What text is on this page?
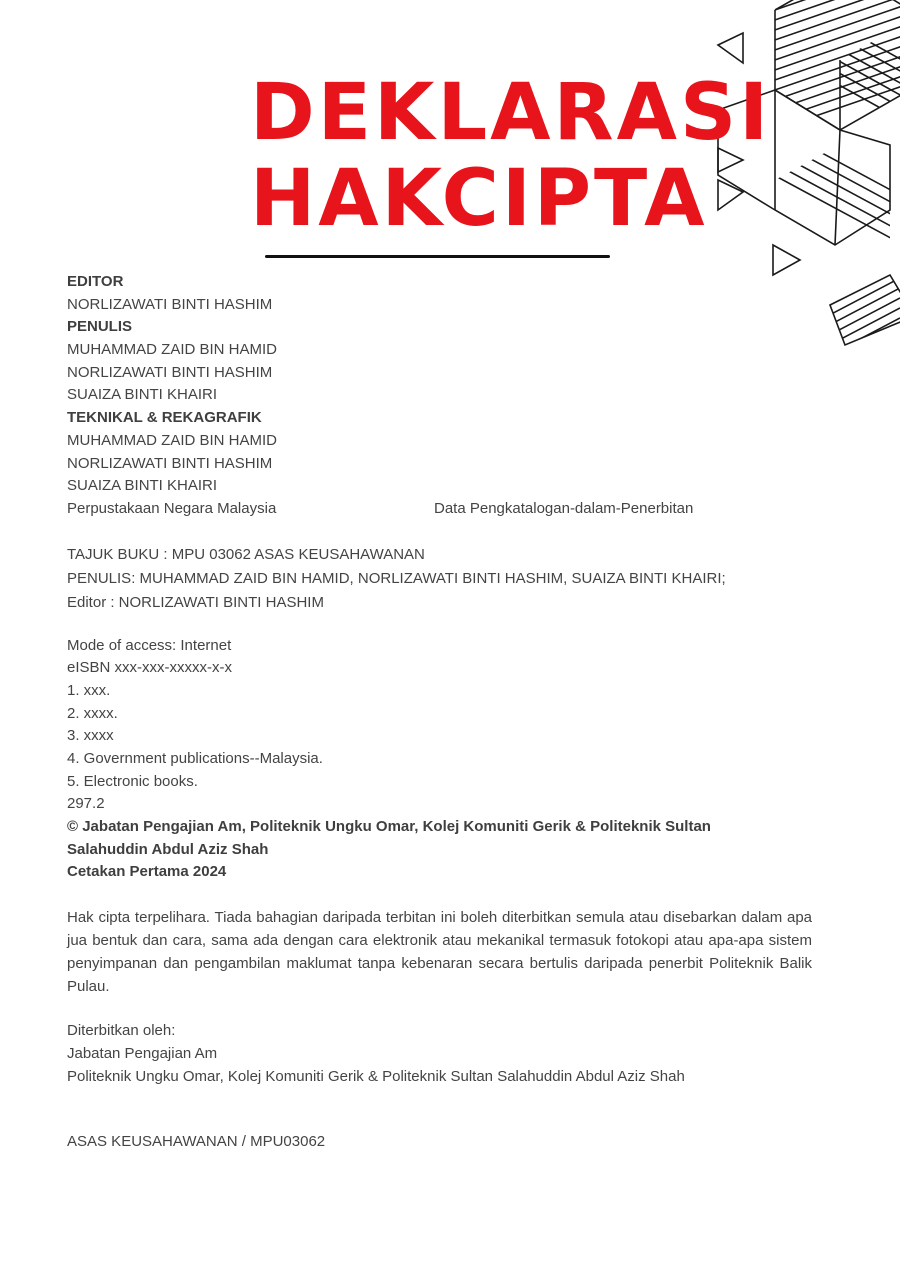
DEKLARASI
HAKCIPTA
EDITOR
NORLIZAWATI BINTI HASHIM
PENULIS
MUHAMMAD ZAID BIN HAMID
NORLIZAWATI BINTI HASHIM
SUAIZA BINTI KHAIRI
TEKNIKAL & REKAGRAFIK
MUHAMMAD ZAID BIN HAMID
NORLIZAWATI BINTI HASHIM
SUAIZA BINTI KHAIRI
Perpustakaan Negara Malaysia	Data Pengkatalogan-dalam-Penerbitan
TAJUK BUKU : MPU 03062 ASAS KEUSAHAWANAN
PENULIS: MUHAMMAD ZAID BIN HAMID, NORLIZAWATI BINTI HASHIM, SUAIZA BINTI KHAIRI;
Editor : NORLIZAWATI BINTI HASHIM
Mode of access: Internet
eISBN xxx-xxx-xxxxx-x-x
1. xxx.
2. xxxx.
3. xxxx
4. Government publications--Malaysia.
5. Electronic books.
297.2
© Jabatan Pengajian Am, Politeknik Ungku Omar, Kolej Komuniti Gerik & Politeknik Sultan Salahuddin Abdul Aziz Shah
Cetakan Pertama 2024

Hak cipta terpelihara. Tiada bahagian daripada terbitan ini boleh diterbitkan semula atau disebarkan dalam apa jua bentuk dan cara, sama ada dengan cara elektronik atau mekanikal termasuk fotokopi atau apa-apa sistem penyimpanan dan pengambilan maklumat tanpa kebenaran secara bertulis daripada penerbit Politeknik Balik Pulau.

Diterbitkan oleh:
Jabatan Pengajian Am
Politeknik Ungku Omar, Kolej Komuniti Gerik & Politeknik Sultan Salahuddin Abdul Aziz Shah
ASAS KEUSAHAWANAN / MPU03062
